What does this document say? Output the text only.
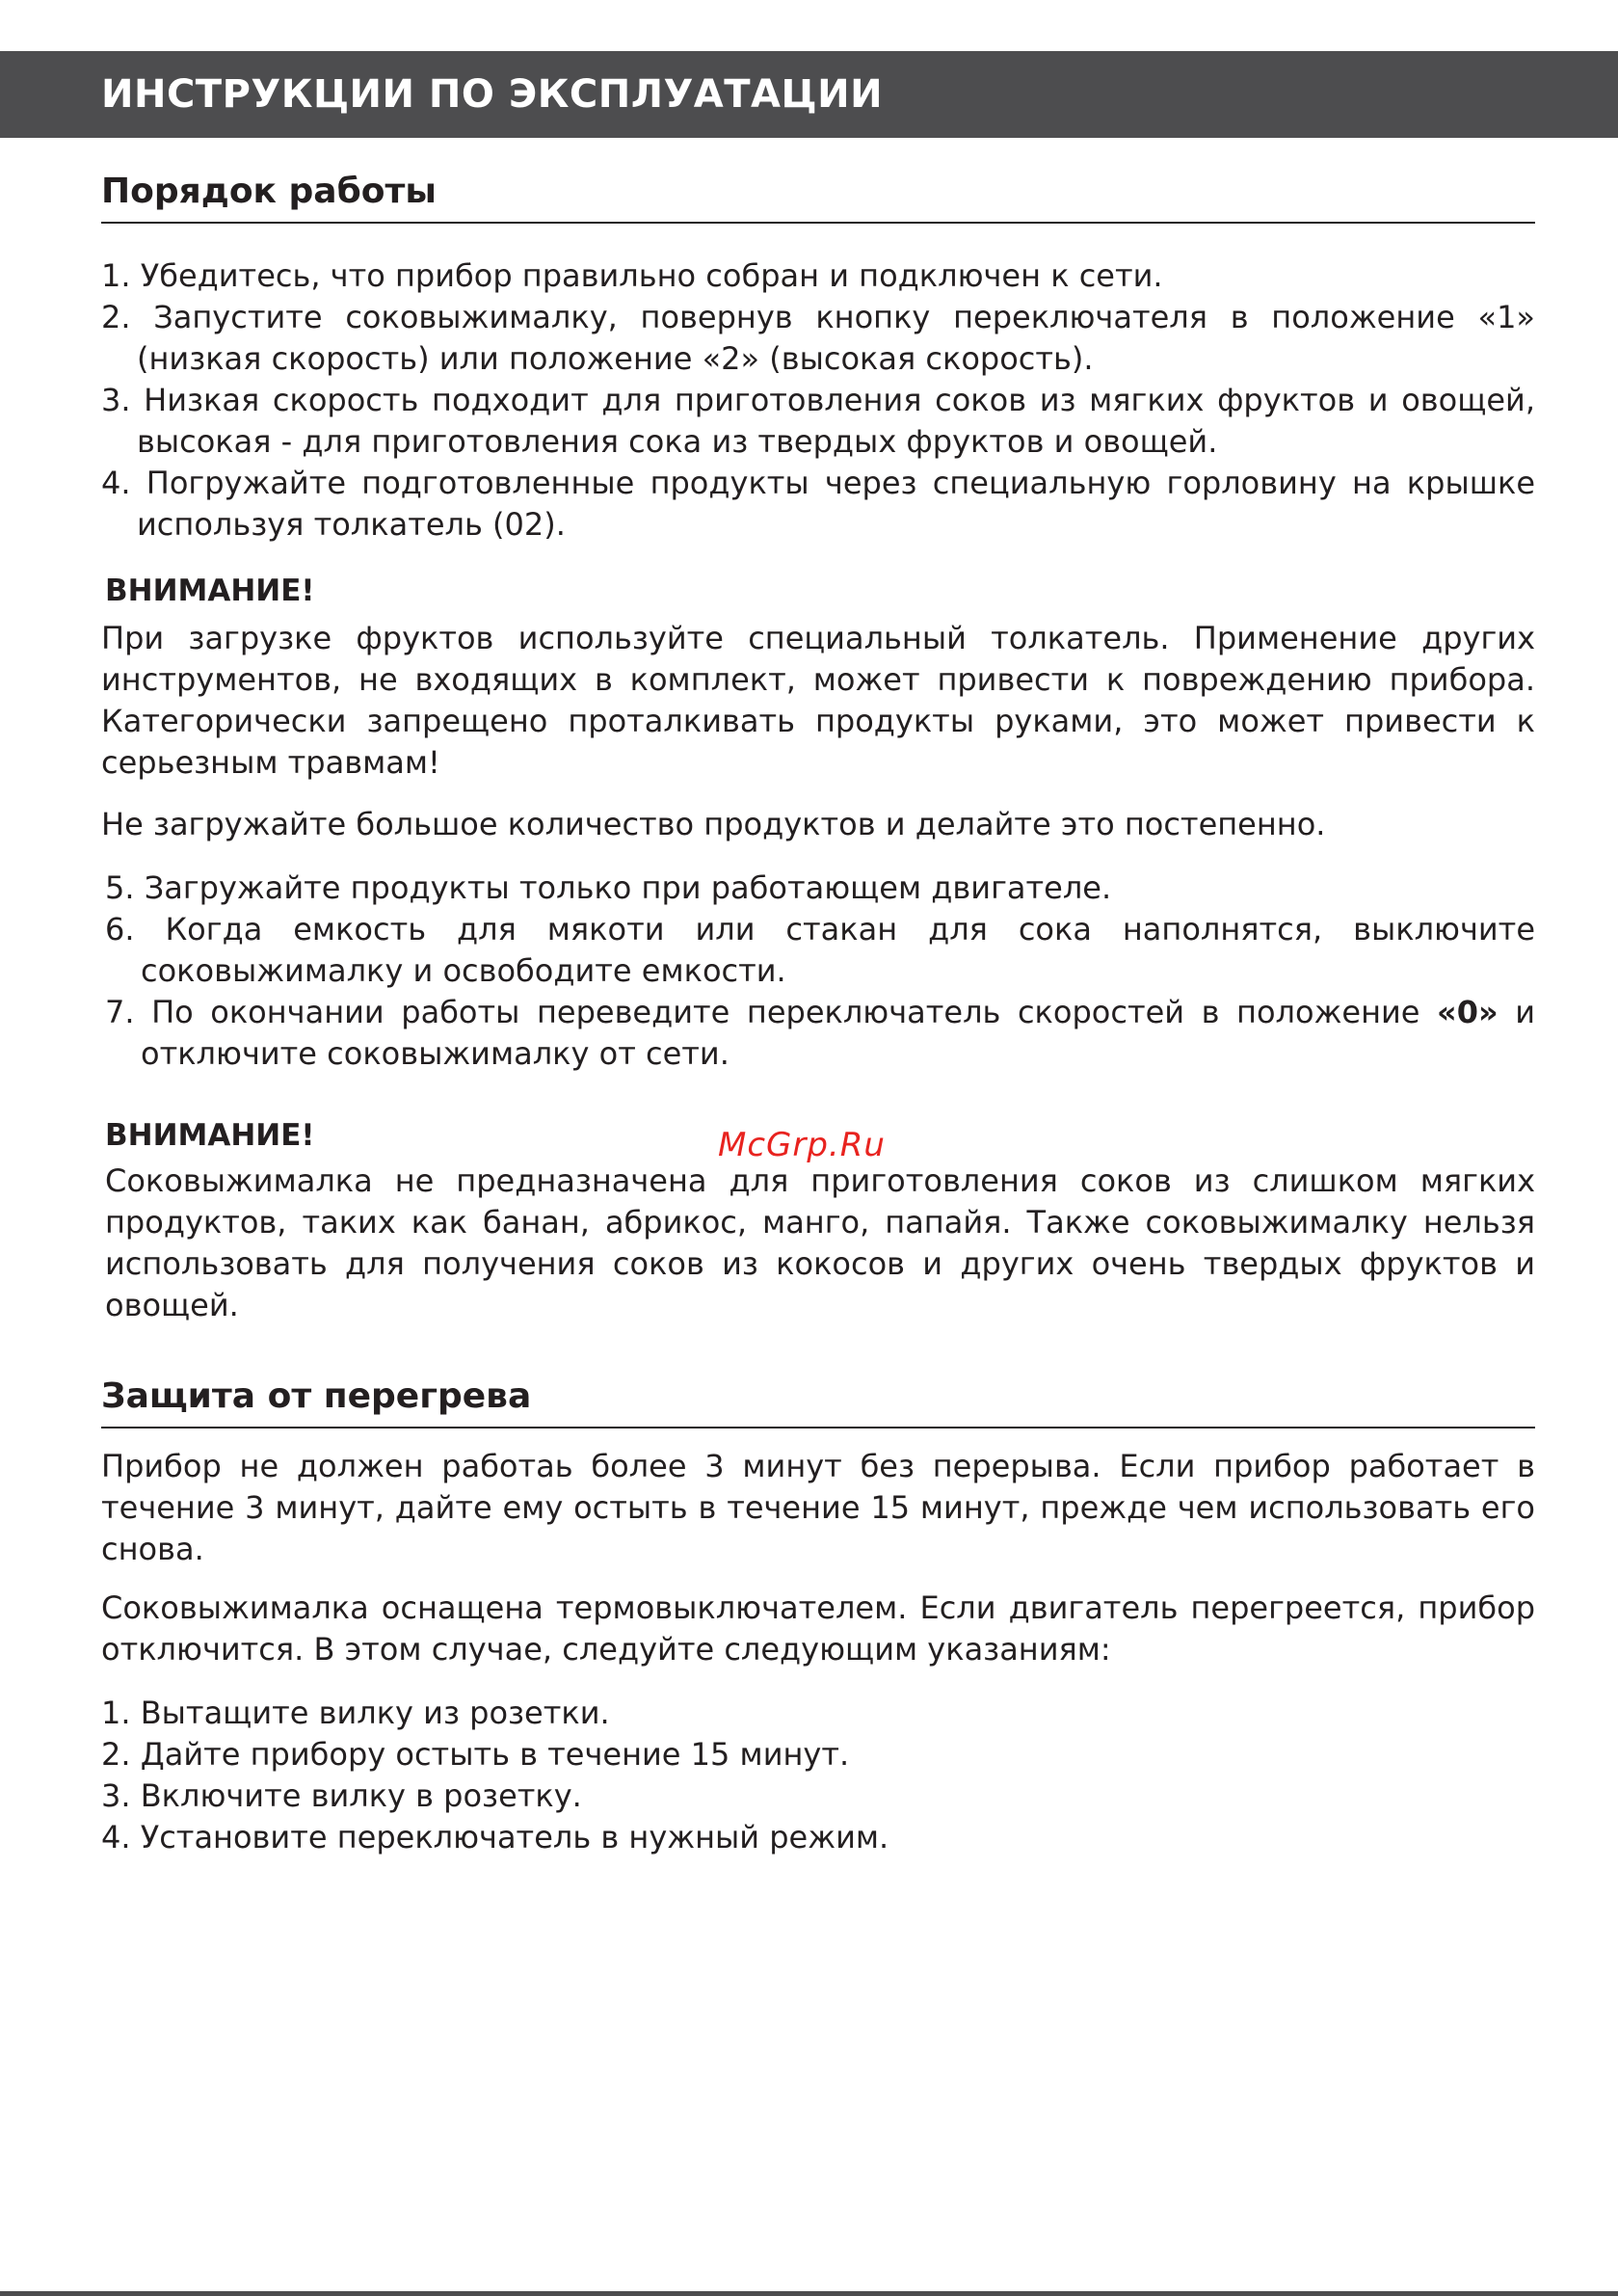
ИНСТРУКЦИИ ПО ЭКСПЛУАТАЦИИ
Порядок работы

1. Убедитесь, что прибор правильно собран и подключен к сети.

2. Запустите соковыжималку, повернув кнопку переключателя в положение «1» (низкая скорость) или положение «2» (высокая скорость).

3. Низкая скорость подходит для приготовления соков из мягких фруктов и овощей, высокая - для приготовления сока из твердых фруктов и овощей.

4. Погружайте подготовленные продукты через специальную горловину на крышке используя толкатель (02).

ВНИМАНИЕ!

При загрузке фруктов используйте специальный толкатель. Применение других инструментов, не входящих в комплект, может привести к повреждению прибора. Категорически запрещено проталкивать продукты руками, это может привести к серьезным травмам!

Не загружайте большое количество продуктов и делайте это постепенно.

5. Загружайте продукты только при работающем двигателе.

6. Когда емкость для мякоти или стакан для сока наполнятся, выключите соковыжималку и освободите емкости.

7. По окончании работы переведите переключатель скоростей в положение «0» и отключите соковыжималку от сети.

ВНИМАНИЕ!

Соковыжималка не предназначена для приготовления соков из слишком мягких продуктов, таких как банан, абрикос, манго, папайя. Также соковыжималку нельзя использовать для получения соков из кокосов и других очень твердых фруктов и овощей.

Защита от перегрева

Прибор не должен работаь более 3 минут без перерыва. Если прибор работает в течение 3 минут, дайте ему остыть в течение 15 минут, прежде чем использовать его снова.

Соковыжималка оснащена термовыключателем. Если двигатель перегреется, прибор отключится. В этом случае, следуйте следующим указаниям:

1. Вытащите вилку из розетки.

2. Дайте прибору остыть в течение 15 минут.

3. Включите вилку в розетку.

4. Установите переключатель в нужный режим.

McGrp.Ru
